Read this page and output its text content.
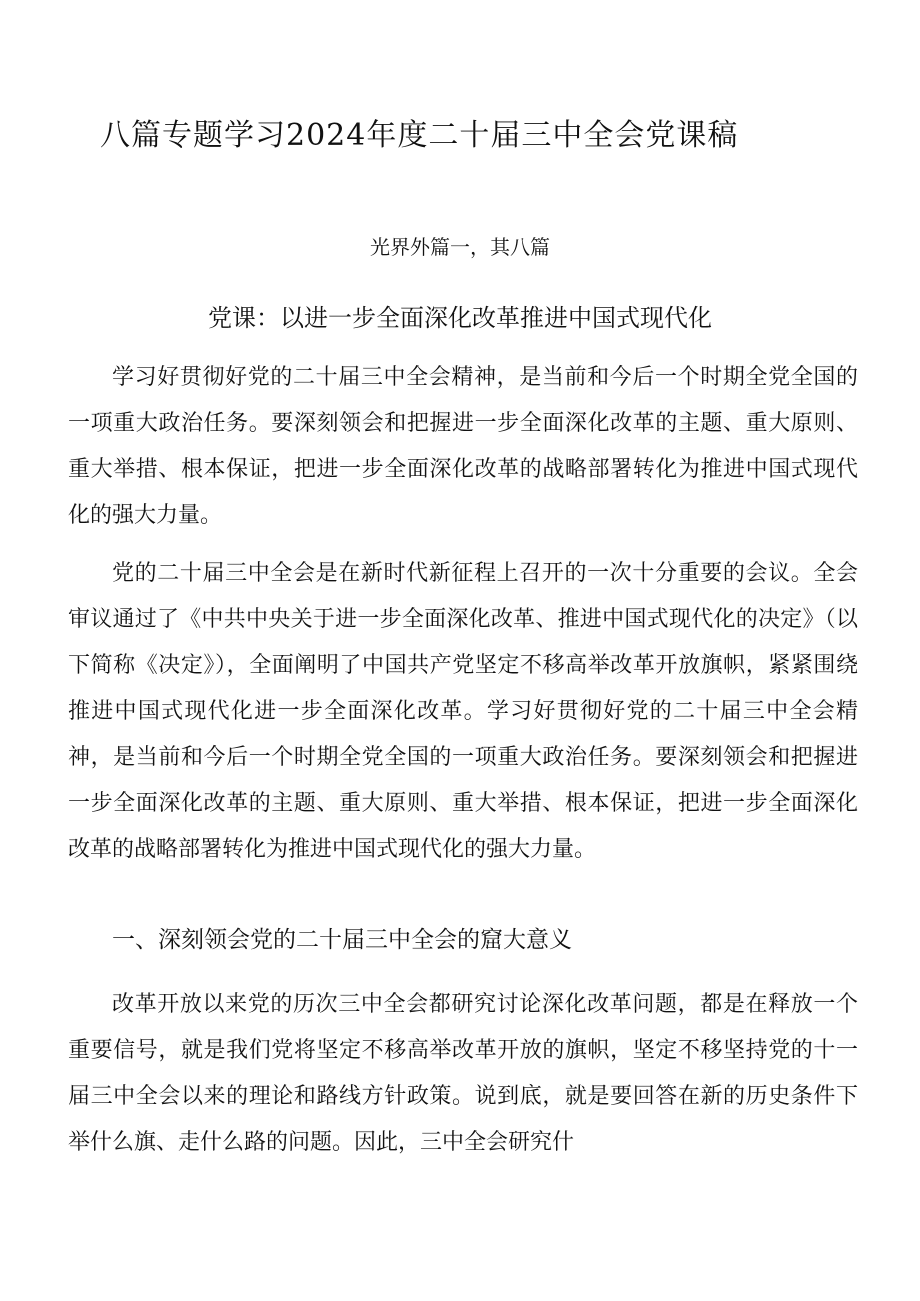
八篇专题学习2024年度二十届三中全会党课稿
光界外篇一，其八篇
党课：以进一步全面深化改革推进中国式现代化

学习好贯彻好党的二十届三中全会精神，是当前和今后一个时期全党全国的一项重大政治任务。要深刻领会和把握进一步全面深化改革的主题、重大原则、重大举措、根本保证，把进一步全面深化改革的战略部署转化为推进中国式现代化的强大力量。

党的二十届三中全会是在新时代新征程上召开的一次十分重要的会议。全会审议通过了《中共中央关于进一步全面深化改革、推进中国式现代化的决定》（以下简称《决定》），全面阐明了中国共产党坚定不移高举改革开放旗帜，紧紧围绕推进中国式现代化进一步全面深化改革。学习好贯彻好党的二十届三中全会精神，是当前和今后一个时期全党全国的一项重大政治任务。要深刻领会和把握进一步全面深化改革的主题、重大原则、重大举措、根本保证，把进一步全面深化改革的战略部署转化为推进中国式现代化的强大力量。

一、深刻领会党的二十届三中全会的窟大意义

改革开放以来党的历次三中全会都研究讨论深化改革问题，都是在释放一个重要信号，就是我们党将坚定不移高举改革开放的旗帜，坚定不移坚持党的十一届三中全会以来的理论和路线方针政策。说到底，就是要回答在新的历史条件下举什么旗、走什么路的问题。因此，三中全会研究什
